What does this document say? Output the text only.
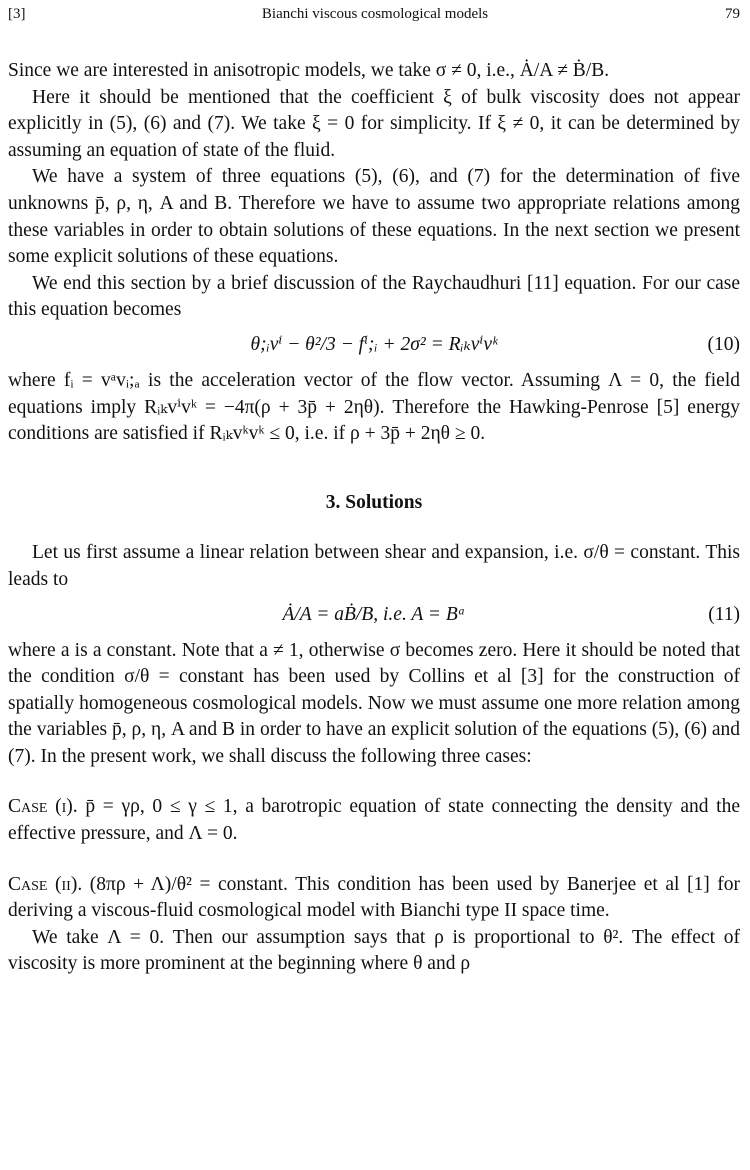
[3]	Bianchi viscous cosmological models	79

Since we are interested in anisotropic models, we take σ ≠ 0, i.e., Ȧ/A ≠ Ḃ/B.

Here it should be mentioned that the coefficient ξ of bulk viscosity does not appear explicitly in (5), (6) and (7). We take ξ = 0 for simplicity. If ξ ≠ 0, it can be determined by assuming an equation of state of the fluid.

We have a system of three equations (5), (6), and (7) for the determination of five unknowns p̄, ρ, η, A and B. Therefore we have to assume two appropriate relations among these variables in order to obtain solutions of these equations. In the next section we present some explicit solutions of these equations.

We end this section by a brief discussion of the Raychaudhuri [11] equation. For our case this equation becomes

θ;ᵢvⁱ − θ²/3 − fⁱ;ᵢ + 2σ² = Rᵢₖvⁱvᵏ	(10)

where fᵢ = vᵃvᵢ;ₐ is the acceleration vector of the flow vector. Assuming Λ = 0, the field equations imply Rᵢₖvⁱvᵏ = −4π(ρ + 3p̄ + 2ηθ). Therefore the Hawking-Penrose [5] energy conditions are satisfied if Rᵢₖvᵏvᵏ ≤ 0, i.e. if ρ + 3p̄ + 2ηθ ≥ 0.

3. Solutions

Let us first assume a linear relation between shear and expansion, i.e. σ/θ = constant. This leads to

Ȧ/A = aḂ/B, i.e. A = Bᵃ	(11)

where a is a constant. Note that a ≠ 1, otherwise σ becomes zero. Here it should be noted that the condition σ/θ = constant has been used by Collins et al [3] for the construction of spatially homogeneous cosmological models. Now we must assume one more relation among the variables p̄, ρ, η, A and B in order to have an explicit solution of the equations (5), (6) and (7). In the present work, we shall discuss the following three cases:

Case (i). p̄ = γρ, 0 ≤ γ ≤ 1, a barotropic equation of state connecting the density and the effective pressure, and Λ = 0.

Case (ii). (8πρ + Λ)/θ² = constant. This condition has been used by Banerjee et al [1] for deriving a viscous-fluid cosmological model with Bianchi type II space time.

We take Λ = 0. Then our assumption says that ρ is proportional to θ². The effect of viscosity is more prominent at the beginning where θ and ρ
